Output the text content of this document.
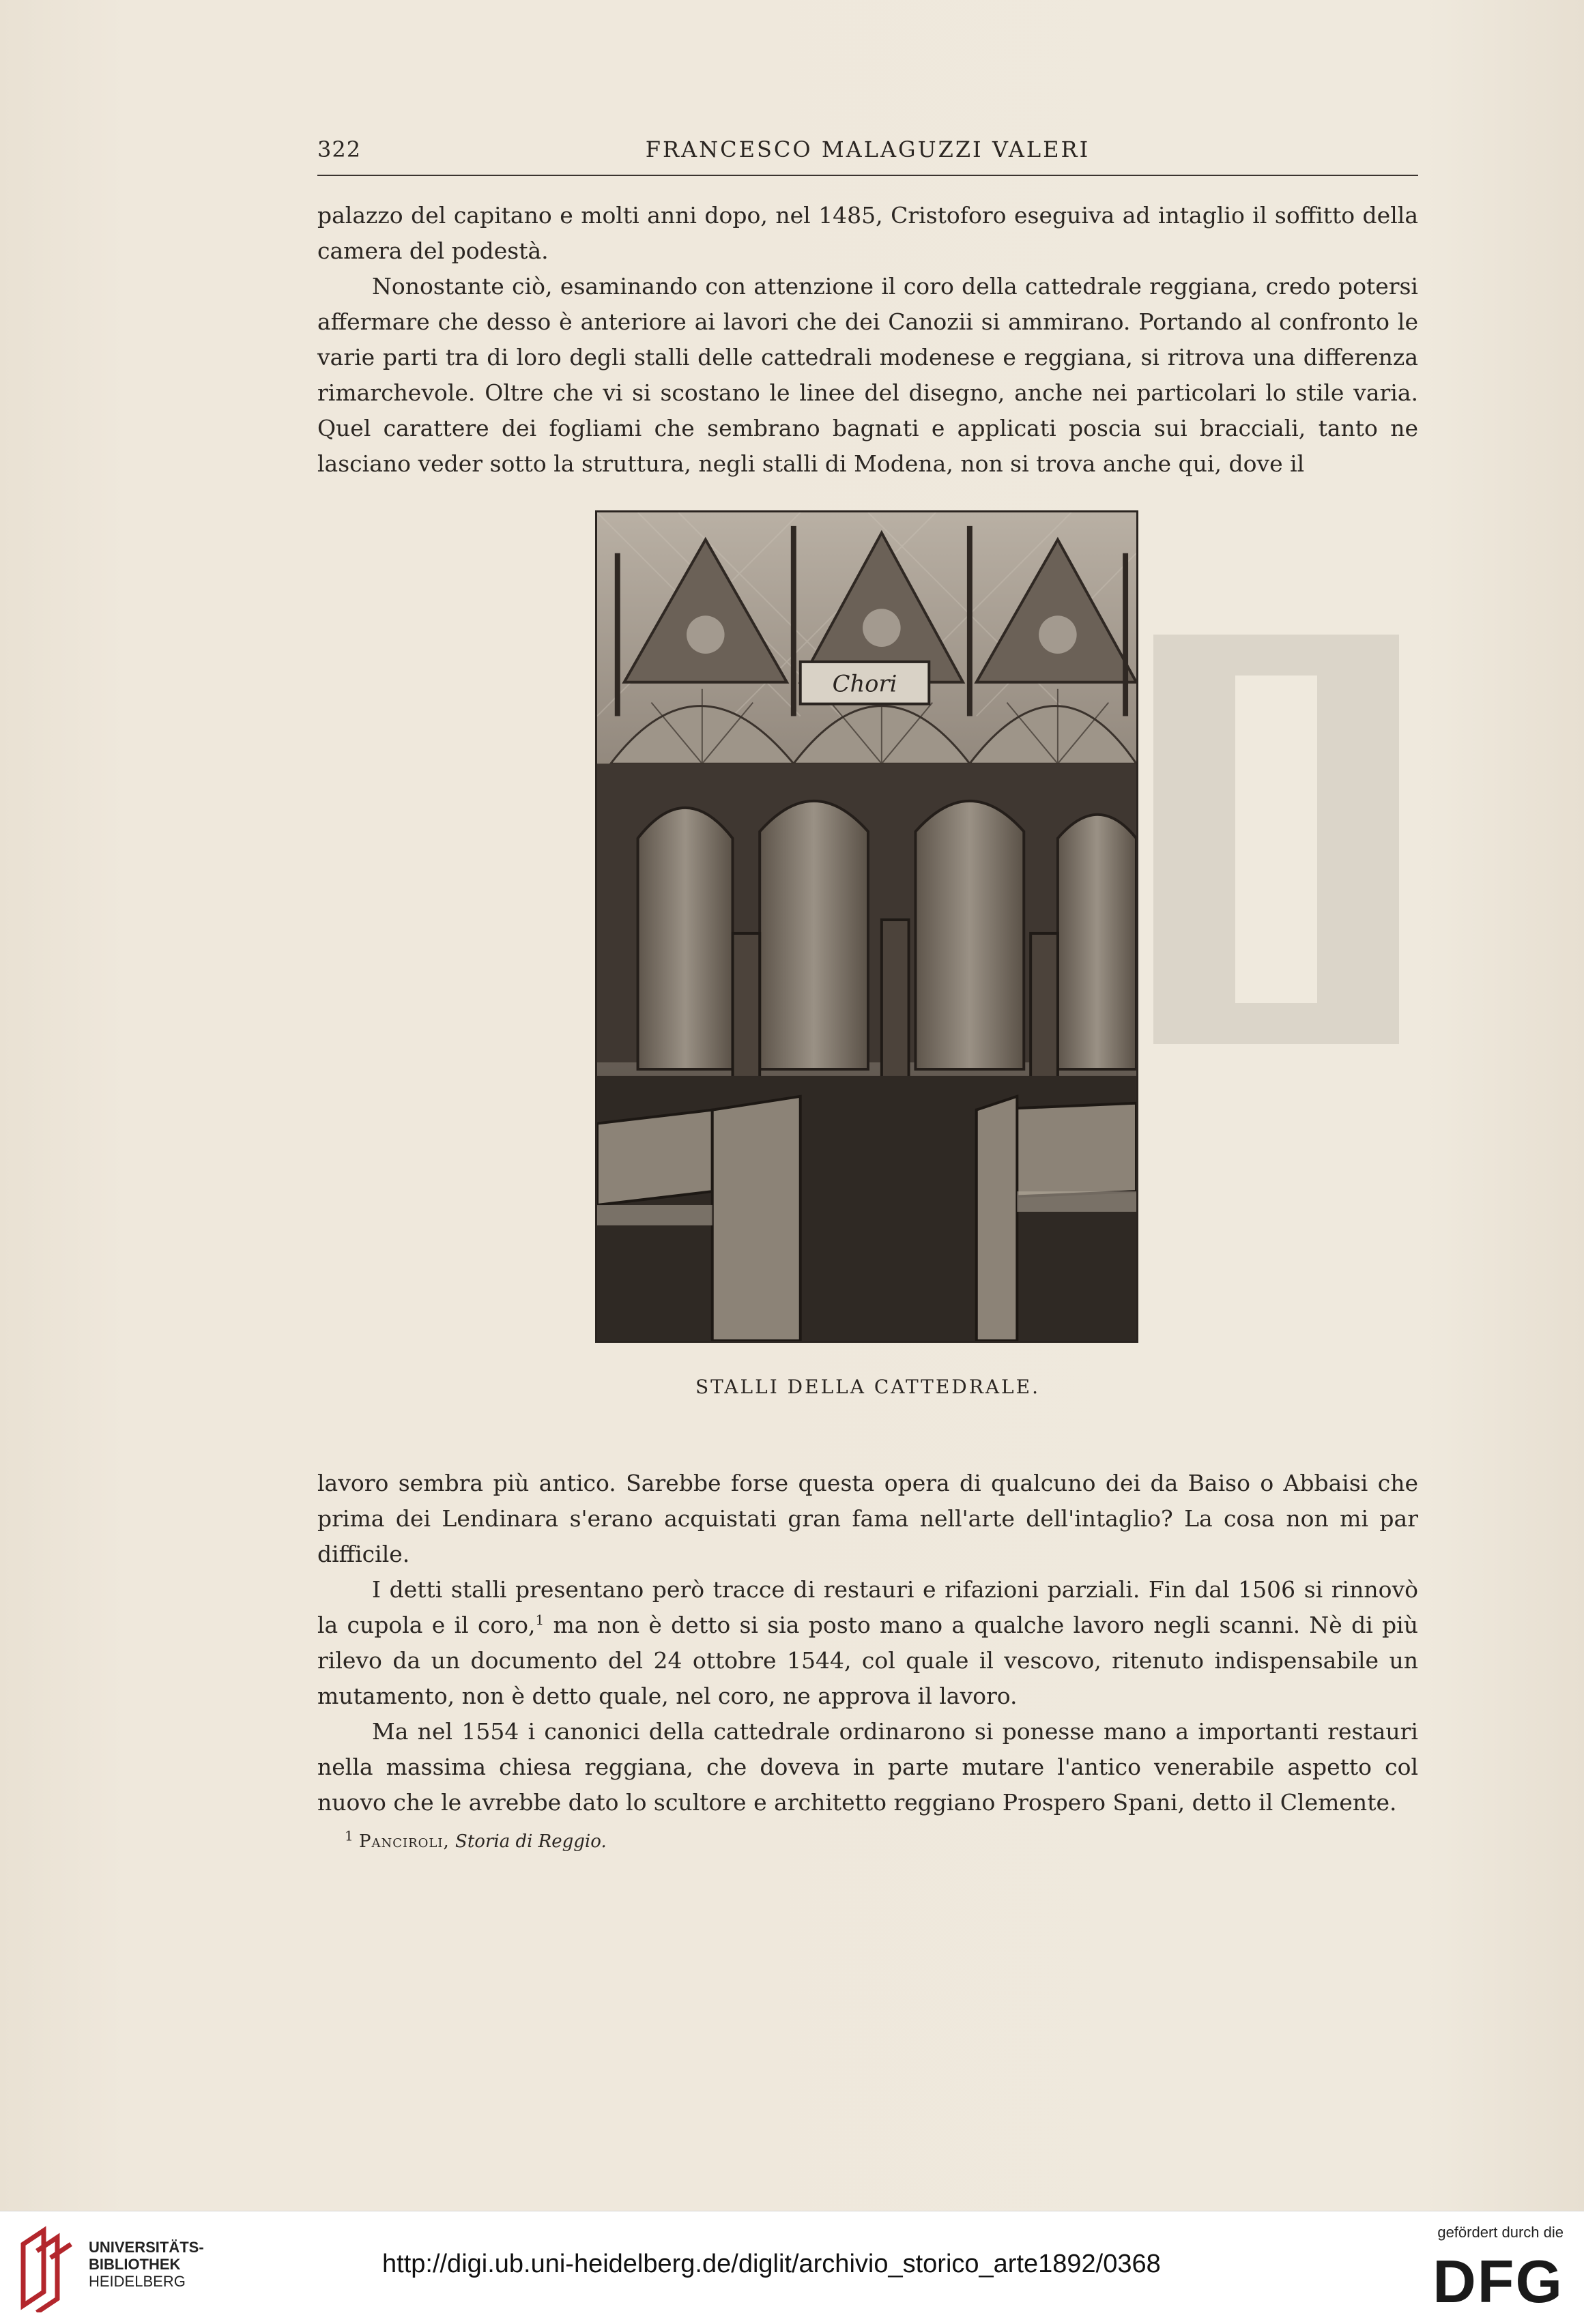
322	FRANCESCO MALAGUZZI VALERI

palazzo del capitano e molti anni dopo, nel 1485, Cristoforo eseguiva ad intaglio il soffitto della camera del podestà.

Nonostante ciò, esaminando con attenzione il coro della cattedrale reggiana, credo potersi affermare che desso è anteriore ai lavori che dei Canozii si ammirano. Portando al confronto le varie parti tra di loro degli stalli delle cattedrali modenese e reggiana, si ritrova una differenza rimarchevole. Oltre che vi si scostano le linee del disegno, anche nei particolari lo stile varia. Quel carattere dei fogliami che sembrano bagnati e applicati poscia sui bracciali, tanto ne lasciano veder sotto la struttura, negli stalli di Modena, non si trova anche qui, dove il

Chori
STALLI DELLA CATTEDRALE.

lavoro sembra più antico. Sarebbe forse questa opera di qualcuno dei da Baiso o Abbaisi che prima dei Lendinara s'erano acquistati gran fama nell'arte dell'intaglio? La cosa non mi par difficile.

I detti stalli presentano però tracce di restauri e rifazioni parziali. Fin dal 1506 si rinnovò la cupola e il coro,$^1$ ma non è detto si sia posto mano a qualche lavoro negli scanni. Nè di più rilevo da un documento del 24 ottobre 1544, col quale il vescovo, ritenuto indispensabile un mutamento, non è detto quale, nel coro, ne approva il lavoro.

Ma nel 1554 i canonici della cattedrale ordinarono si ponesse mano a importanti restauri nella massima chiesa reggiana, che doveva in parte mutare l'antico venerabile aspetto col nuovo che le avrebbe dato lo scultore e architetto reggiano Prospero Spani, detto il Clemente.

$^1$ Panciroli, Storia di Reggio.
UNIVERSITÄTS-
BIBLIOTHEK
HEIDELBERG
http://digi.ub.uni-heidelberg.de/diglit/archivio_storico_arte1892/0368
gefördert durch die
DFG
